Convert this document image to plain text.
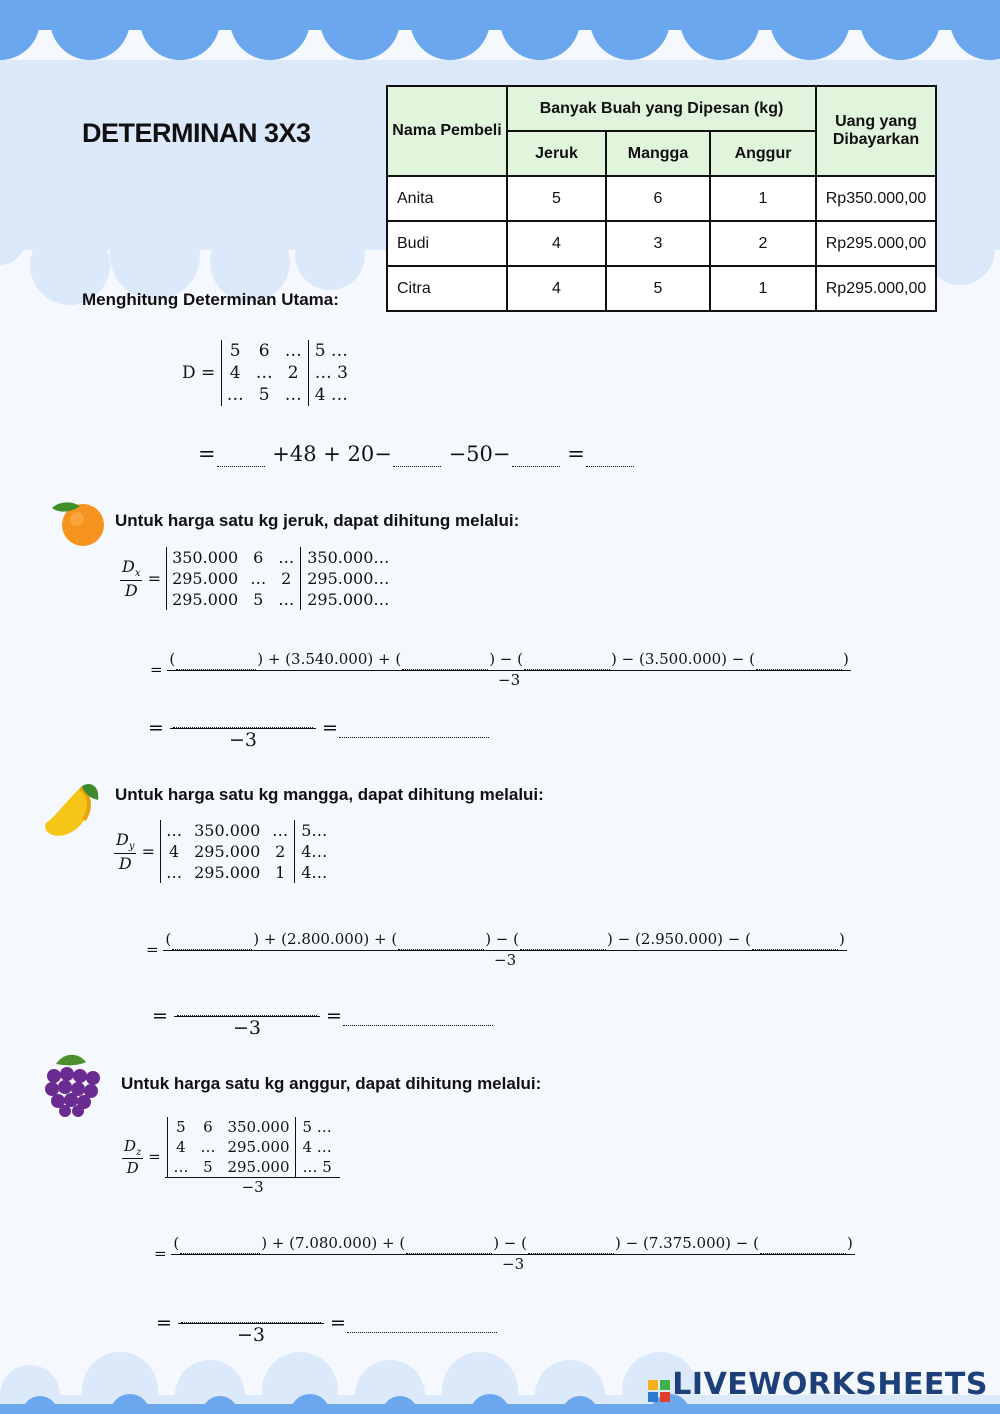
DETERMINAN 3X3	Nama Pembeli	Banyak Buah yang Dipesan (kg)			Uang yang Dibayarkan
	Jeruk	Mangga	Anggur	
Anita	5	6	1	Rp350.000,00
Budi	4	3	2	Rp295.000,00
Citra	4	5	1	Rp295.000,00
Menghitung Determinan Utama:
D =
5	6	…	5 …
4	…	2	… 3
…	5	…	4 …
=	+48 + 20−	−50−	=
Untuk harga satu kg jeruk, dapat dihitung melalui:
$\frac{D_x}{D}$ =
350.000	6	…	350.000…
295.000	…	2	295.000…
295.000	5	…	295.000…
= (	) + (3.540.000) + (	) − (	) − (3.500.000) − (	)
−3
=
−3
=
Untuk harga satu kg mangga, dapat dihitung melalui:
$\frac{D_y}{D}$ =
…	350.000	…	5…
4	295.000	2	4…
…	295.000	1	4…
= (	) + (2.800.000) + (	) − (	) − (2.950.000) − (	)
−3
=
−3
=
Untuk harga satu kg anggur, dapat dihitung melalui:
$\frac{D_z}{D} = 5$	6	350.000	5 …
4	…	295.000	4 …
…	5	295.000	… 5
−3
= (	) + (7.080.000) + (	) − (	) − (7.375.000) − (	)
−3
=
−3
=
LIVEWORKSHEETS
